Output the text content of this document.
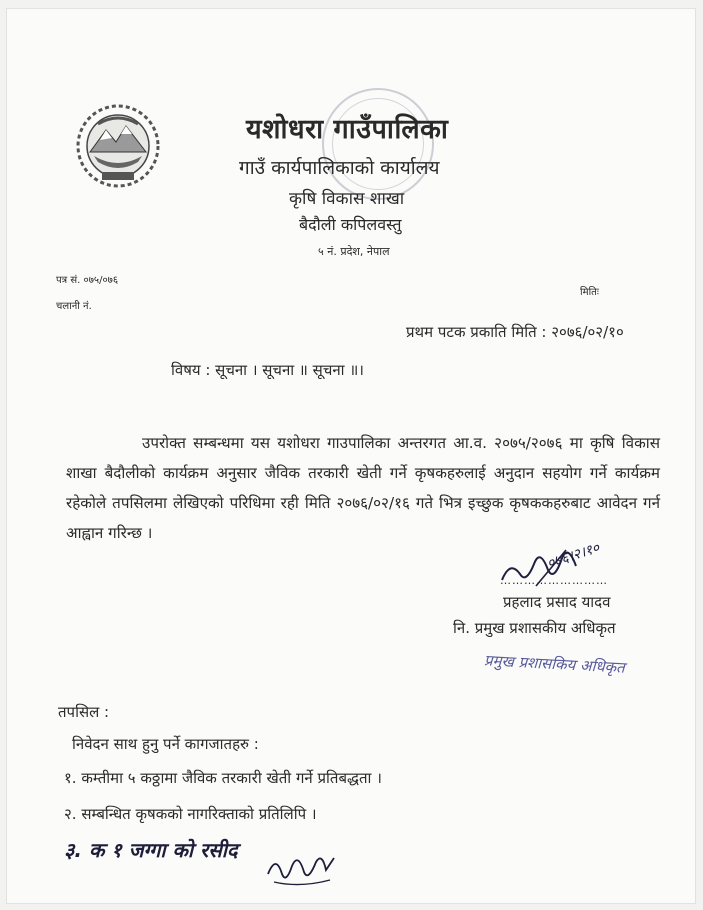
यशोधरा गाउँपालिका
गाउँ कार्यपालिकाको कार्यालय
कृषि विकास शाखा
बैदौली कपिलवस्तु
५ नं. प्रदेश, नेपाल
पत्र सं. ०७५/०७६
चलानी नं.
मितिः
प्रथम पटक प्रकाति मिति : २०७६/०२/१०
विषय : सूचना । सूचना ॥ सूचना ॥।
उपरोक्त सम्बन्धमा यस यशोधरा गाउपालिका अन्तरगत आ.व. २०७५/२०७६ मा कृषि विकास शाखा बैदौलीको कार्यक्रम अनुसार जैविक तरकारी खेती गर्ने कृषकहरुलाई अनुदान सहयोग गर्ने कार्यक्रम रहेकोले तपसिलमा लेखिएको परिधिमा रही मिति २०७६/०२/१६ गते भित्र इच्छुक कृषककहरुबाट आवेदन गर्न आह्वान गरिन्छ ।
०७६।२।१०
………………………
प्रहलाद प्रसाद यादव
नि. प्रमुख प्रशासकीय अधिकृत
प्रमुख प्रशासकिय अधिकृत
तपसिल :
निवेदन साथ हुनु पर्ने कागजातहरु :
१. कम्तीमा ५ कठ्ठामा जैविक तरकारी खेती गर्ने प्रतिबद्धता ।
२. सम्बन्धित कृषकको नागरिक्ताको प्रतिलिपि ।
३. क १ जग्गा को रसीद
